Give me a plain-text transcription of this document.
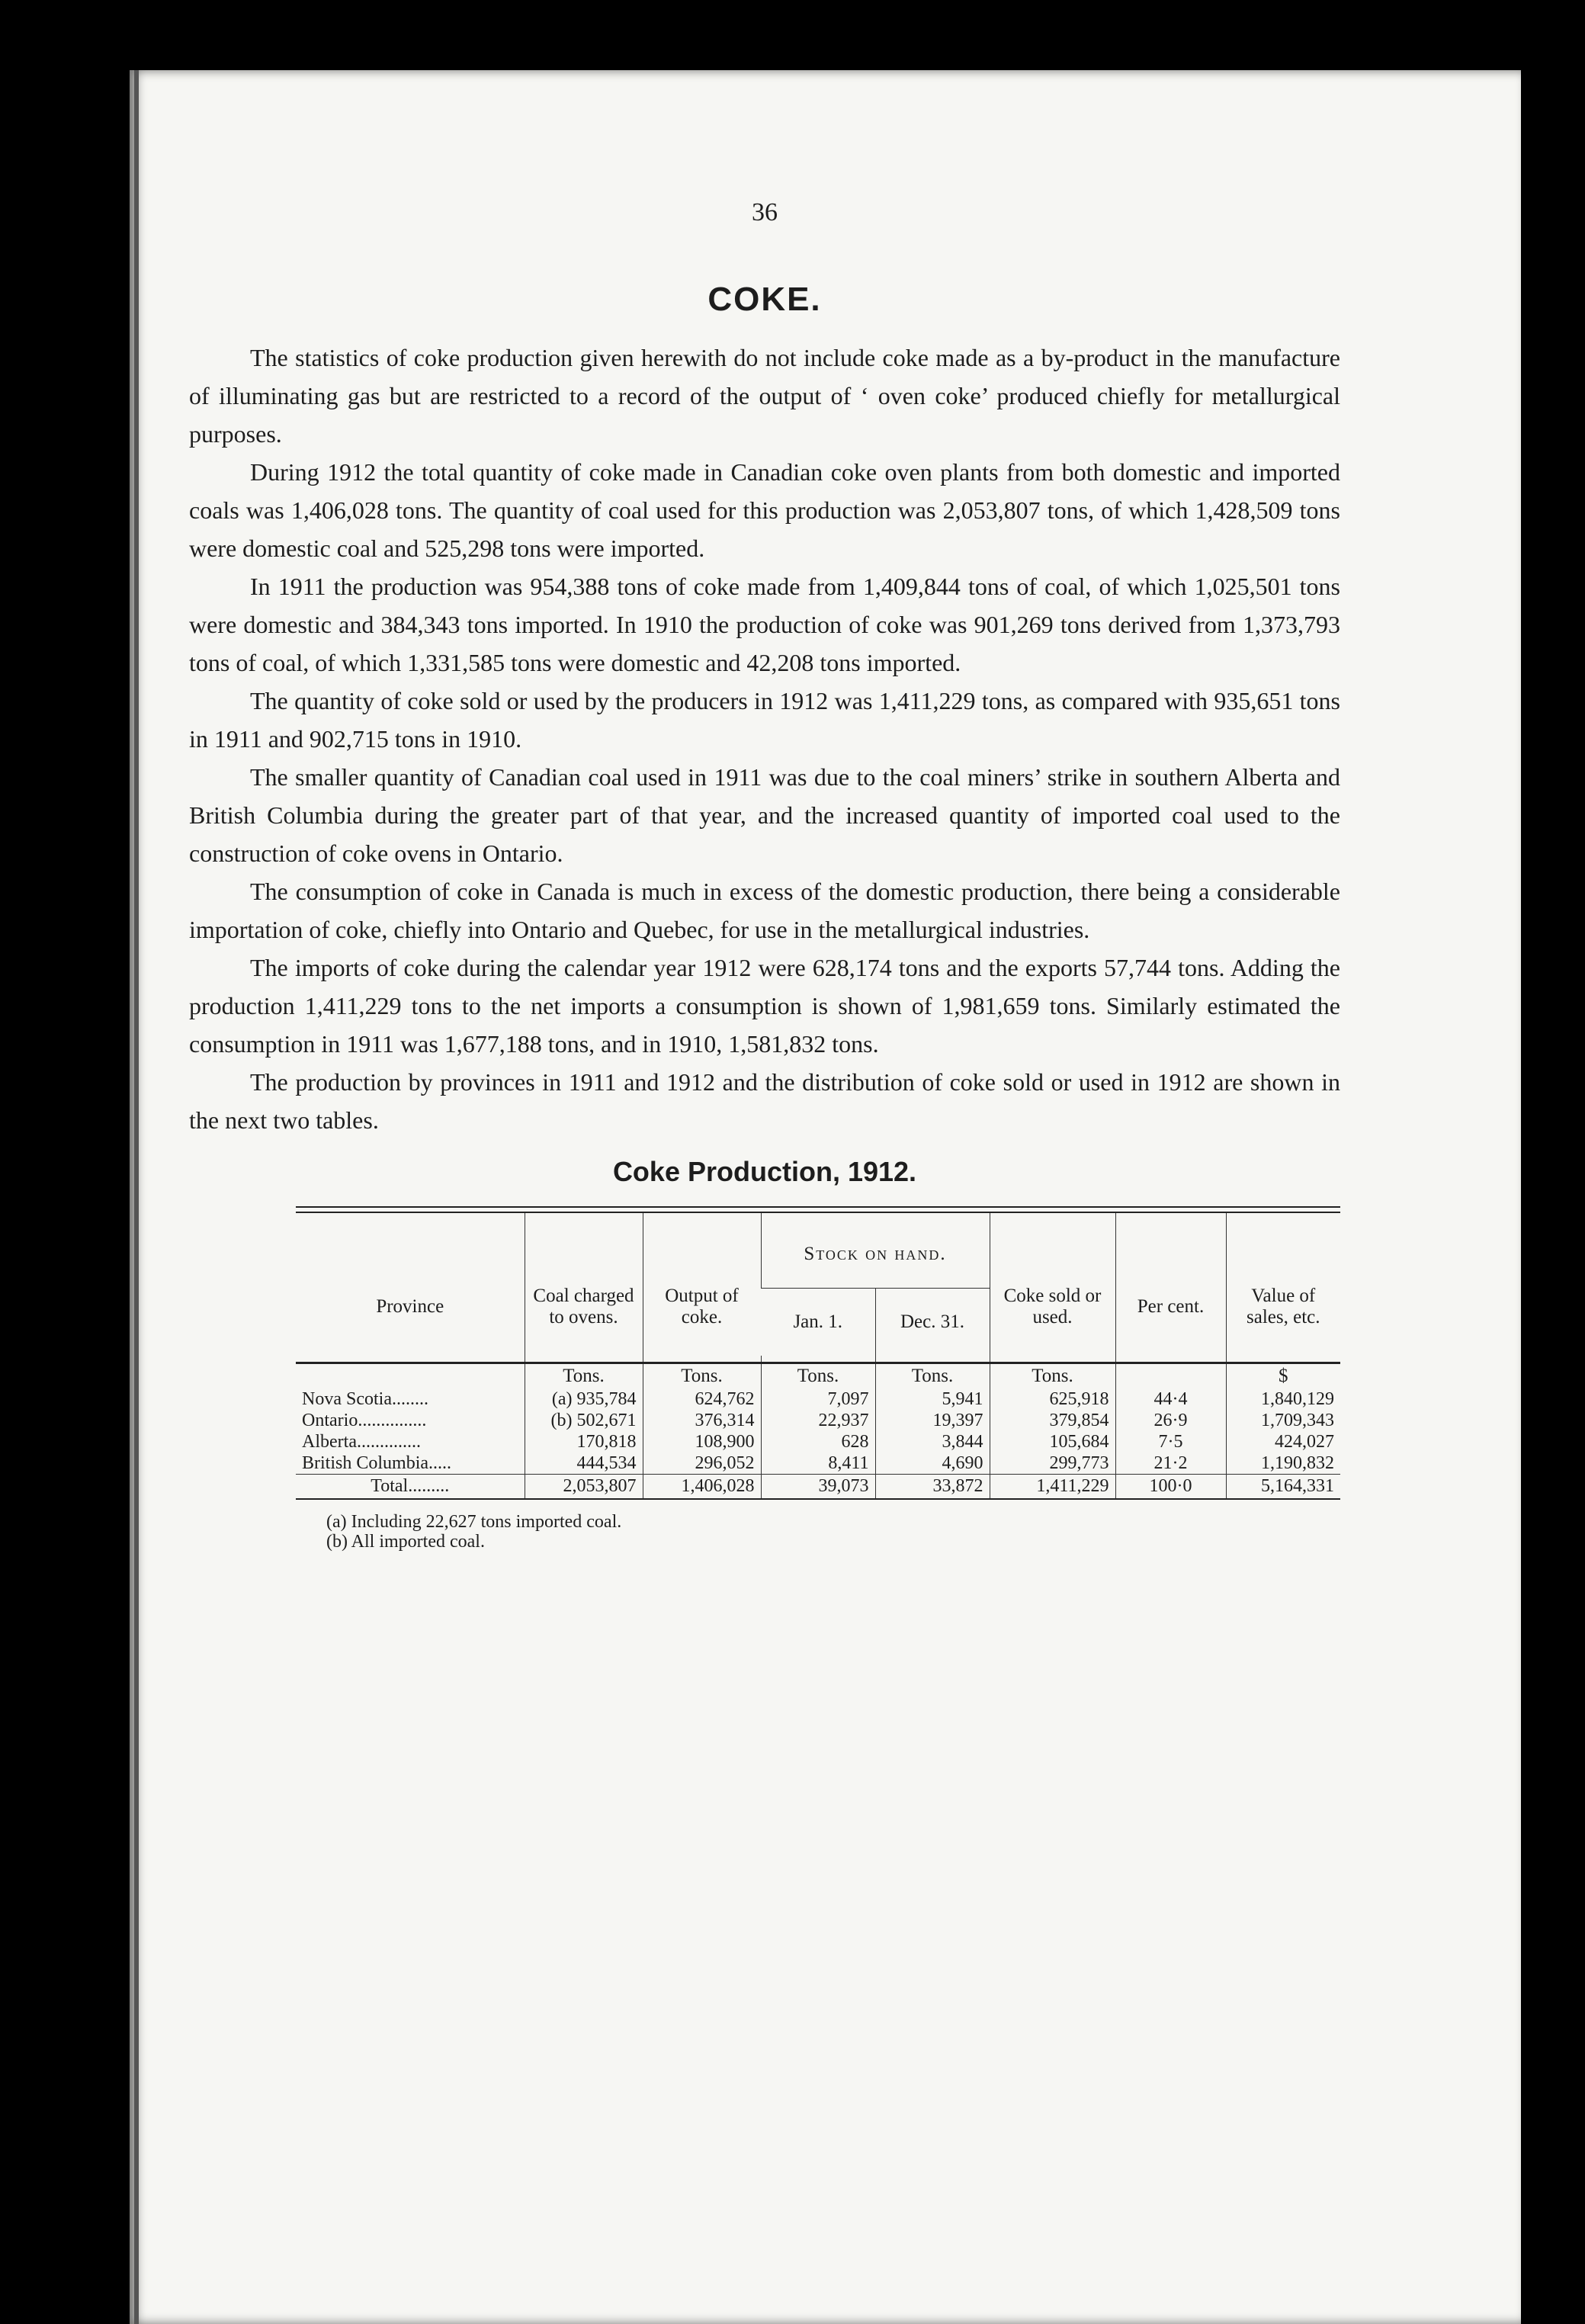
36
COKE.

The statistics of coke production given herewith do not include coke made as a by-product in the manufacture of illuminating gas but are restricted to a record of the output of ‘ oven coke’ produced chiefly for metallurgical purposes.

During 1912 the total quantity of coke made in Canadian coke oven plants from both domestic and imported coals was 1,406,028 tons. The quantity of coal used for this production was 2,053,807 tons, of which 1,428,509 tons were domestic coal and 525,298 tons were imported.

In 1911 the production was 954,388 tons of coke made from 1,409,844 tons of coal, of which 1,025,501 tons were domestic and 384,343 tons imported. In 1910 the production of coke was 901,269 tons derived from 1,373,793 tons of coal, of which 1,331,585 tons were domestic and 42,208 tons imported.

The quantity of coke sold or used by the producers in 1912 was 1,411,229 tons, as compared with 935,651 tons in 1911 and 902,715 tons in 1910.

The smaller quantity of Canadian coal used in 1911 was due to the coal miners’ strike in southern Alberta and British Columbia during the greater part of that year, and the increased quantity of imported coal used to the construction of coke ovens in Ontario.

The consumption of coke in Canada is much in excess of the domestic production, there being a considerable importation of coke, chiefly into Ontario and Quebec, for use in the metallurgical industries.

The imports of coke during the calendar year 1912 were 628,174 tons and the exports 57,744 tons. Adding the production 1,411,229 tons to the net imports a consumption is shown of 1,981,659 tons. Similarly estimated the consumption in 1911 was 1,677,188 tons, and in 1910, 1,581,832 tons.

The production by provinces in 1911 and 1912 and the distribution of coke sold or used in 1912 are shown in the next two tables.

Coke Production, 1912.
Province	Coal charged to ovens.	Output of coke.	Stock on hand.		Coke sold or used.	Per cent.	Value of sales, etc.
			Jan. 1.	Dec. 31.			

	Tons.	Tons.	Tons.	Tons.	Tons.		$
Nova Scotia........	(a) 935,784	624,762	7,097	5,941	625,918	44·4	1,840,129
Ontario...............	(b) 502,671	376,314	22,937	19,397	379,854	26·9	1,709,343
Alberta..............	170,818	108,900	628	3,844	105,684	7·5	424,027
British Columbia.....	444,534	296,052	8,411	4,690	299,773	21·2	1,190,832
Total.........	2,053,807	1,406,028	39,073	33,872	1,411,229	100·0	5,164,331
(a) Including 22,627 tons imported coal.
(b) All imported coal.
